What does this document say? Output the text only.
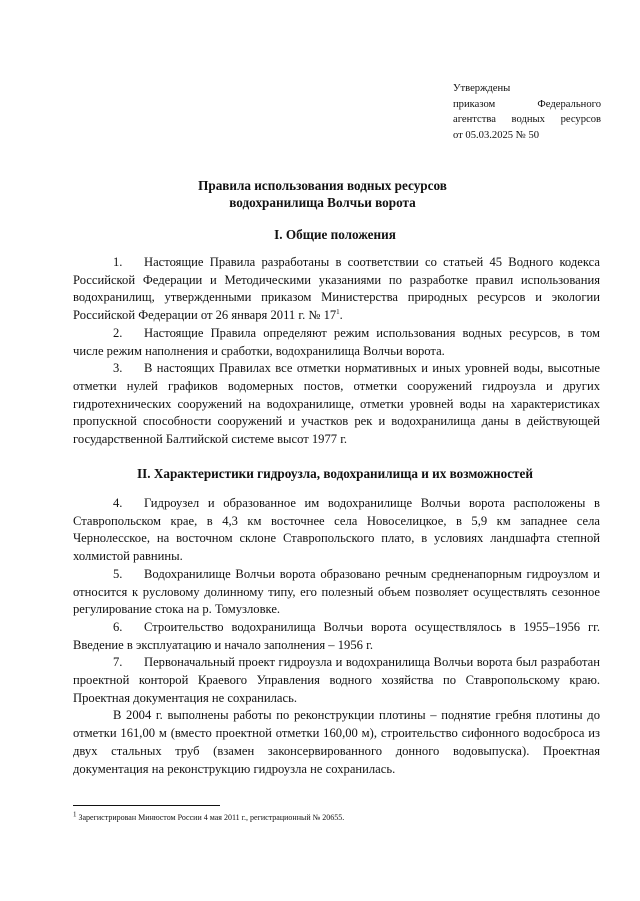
Утверждены
приказом	Федерального
агентства водных ресурсов
от 05.03.2025 № 50
Правила использования водных ресурсов
водохранилища Волчьи ворота
I. Общие положения

1. Настоящие Правила разработаны в соответствии со статьей 45 Водного кодекса Российской Федерации и Методическими указаниями по разработке правил использования водохранилищ, утвержденными приказом Министерства природных ресурсов и экологии Российской Федерации от 26 января 2011 г. № $17^1$.

2. Настоящие Правила определяют режим использования водных ресурсов, в том числе режим наполнения и сработки, водохранилища Волчьи ворота.

3. В настоящих Правилах все отметки нормативных и иных уровней воды, высотные отметки нулей графиков водомерных постов, отметки сооружений гидроузла и других гидротехнических сооружений на водохранилище, отметки уровней воды на характеристиках пропускной способности сооружений и участков рек и водохранилища даны в действующей государственной Балтийской системе высот 1977 г.

II. Характеристики гидроузла, водохранилища и их возможностей

4. Гидроузел и образованное им водохранилище Волчьи ворота расположены в Ставропольском крае, в 4,3 км восточнее села Новоселицкое, в 5,9 км западнее села Чернолесское, на восточном склоне Ставропольского плато, в условиях ландшафта степной холмистой равнины.

5. Водохранилище Волчьи ворота образовано речным средненапорным гидроузлом и относится к русловому долинному типу, его полезный объем позволяет осуществлять сезонное регулирование стока на р. Томузловке.

6. Строительство водохранилища Волчьи ворота осуществлялось в 1955–1956 гг. Введение в эксплуатацию и начало заполнения – 1956 г.

7. Первоначальный проект гидроузла и водохранилища Волчьи ворота был разработан проектной конторой Краевого Управления водного хозяйства по Ставропольскому краю. Проектная документация не сохранилась.

В 2004 г. выполнены работы по реконструкции плотины – поднятие гребня плотины до отметки 161,00 м (вместо проектной отметки 160,00 м), строительство сифонного водосброса из двух стальных труб (взамен законсервированного донного водовыпуска). Проектная документация на реконструкцию гидроузла не сохранилась.

$^1$ Зарегистрирован Минюстом России 4 мая 2011 г., регистрационный № 20655.
